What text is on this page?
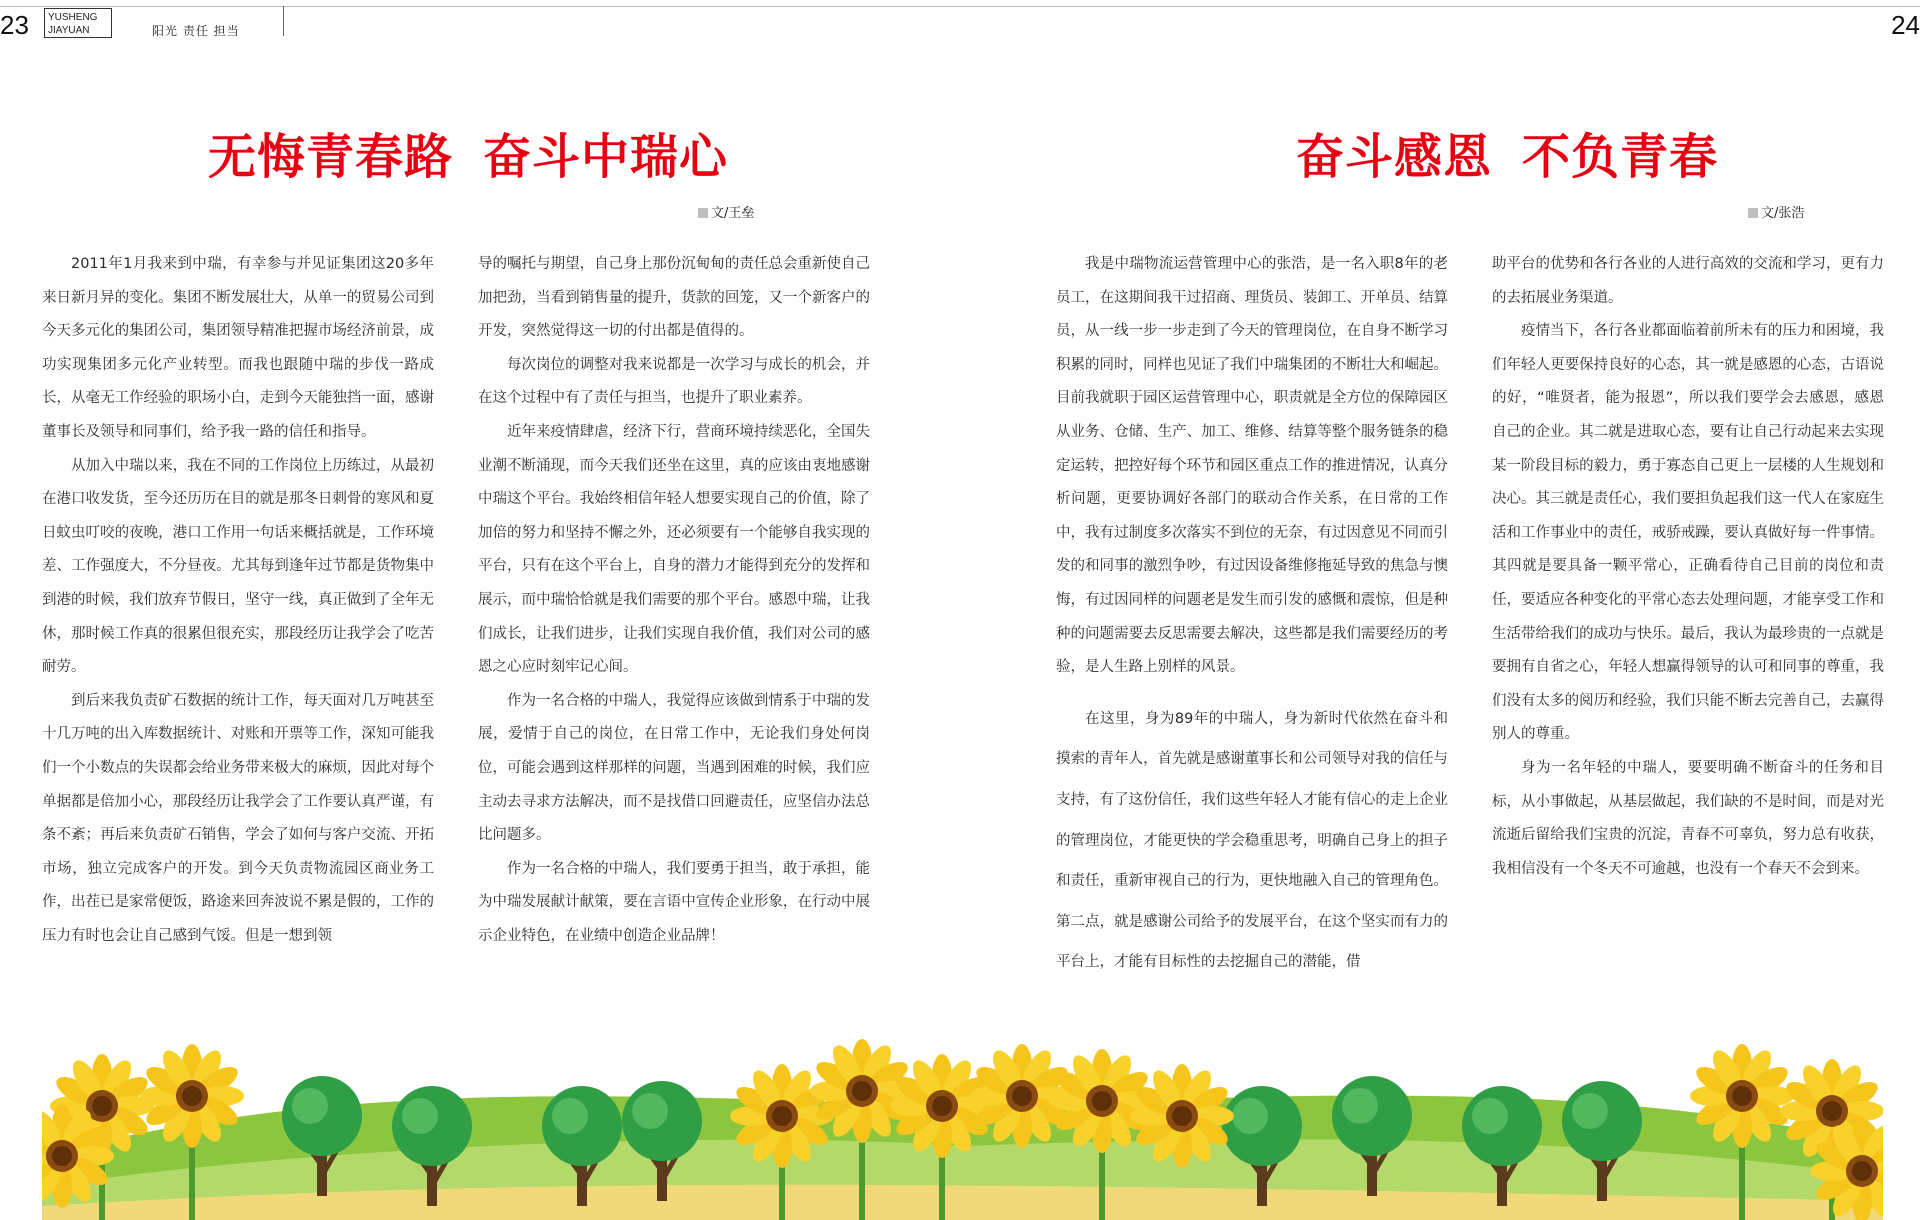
23	24
YUSHENG
JIAYUAN	阳光 责任 担当
无悔青春路 奋斗中瑞心
文/王垒

2011年1月我来到中瑞，有幸参与并见证集团这20多年来日新月异的变化。集团不断发展壮大，从单一的贸易公司到今天多元化的集团公司，集团领导精准把握市场经济前景，成功实现集团多元化产业转型。而我也跟随中瑞的步伐一路成长，从毫无工作经验的职场小白，走到今天能独挡一面，感谢董事长及领导和同事们，给予我一路的信任和指导。

从加入中瑞以来，我在不同的工作岗位上历练过，从最初在港口收发货，至今还历历在目的就是那冬日刺骨的寒风和夏日蚊虫叮咬的夜晚，港口工作用一句话来概括就是，工作环境差、工作强度大，不分昼夜。尤其每到逢年过节都是货物集中到港的时候，我们放弃节假日，坚守一线，真正做到了全年无休，那时候工作真的很累但很充实，那段经历让我学会了吃苦耐劳。

到后来我负责矿石数据的统计工作，每天面对几万吨甚至十几万吨的出入库数据统计、对账和开票等工作，深知可能我们一个小数点的失误都会给业务带来极大的麻烦，因此对每个单据都是倍加小心，那段经历让我学会了工作要认真严谨，有条不紊；再后来负责矿石销售，学会了如何与客户交流、开拓市场，独立完成客户的开发。到今天负责物流园区商业务工作，出茬已是家常便饭，路途来回奔波说不累是假的，工作的压力有时也会让自己感到气馁。但是一想到领

导的嘱托与期望，自己身上那份沉甸甸的责任总会重新使自己加把劲，当看到销售量的提升，货款的回笼，又一个新客户的开发，突然觉得这一切的付出都是值得的。

每次岗位的调整对我来说都是一次学习与成长的机会，并在这个过程中有了责任与担当，也提升了职业素养。

近年来疫情肆虐，经济下行，营商环境持续恶化，全国失业潮不断涌现，而今天我们还坐在这里，真的应该由衷地感谢中瑞这个平台。我始终相信年轻人想要实现自己的价值，除了加倍的努力和坚持不懈之外，还必须要有一个能够自我实现的平台，只有在这个平台上，自身的潜力才能得到充分的发挥和展示，而中瑞恰恰就是我们需要的那个平台。感恩中瑞，让我们成长，让我们进步，让我们实现自我价值，我们对公司的感恩之心应时刻牢记心间。

作为一名合格的中瑞人，我觉得应该做到情系于中瑞的发展，爱情于自己的岗位，在日常工作中，无论我们身处何岗位，可能会遇到这样那样的问题，当遇到困难的时候，我们应主动去寻求方法解决，而不是找借口回避责任，应坚信办法总比问题多。

作为一名合格的中瑞人，我们要勇于担当，敢于承担，能为中瑞发展献计献策，要在言语中宣传企业形象，在行动中展示企业特色，在业绩中创造企业品牌！

奋斗感恩 不负青春
文/张浩

我是中瑞物流运营管理中心的张浩，是一名入职8年的老员工，在这期间我干过招商、理货员、装卸工、开单员、结算员，从一线一步一步走到了今天的管理岗位，在自身不断学习积累的同时，同样也见证了我们中瑞集团的不断壮大和崛起。目前我就职于园区运营管理中心，职责就是全方位的保障园区从业务、仓储、生产、加工、维修、结算等整个服务链条的稳定运转，把控好每个环节和园区重点工作的推进情况，认真分析问题，更要协调好各部门的联动合作关系，在日常的工作中，我有过制度多次落实不到位的无奈，有过因意见不同而引发的和同事的激烈争吵，有过因设备维修拖延导致的焦急与懊悔，有过因同样的问题老是发生而引发的感慨和震惊，但是种种的问题需要去反思需要去解决，这些都是我们需要经历的考验，是人生路上别样的风景。

在这里，身为89年的中瑞人，身为新时代依然在奋斗和摸索的青年人，首先就是感谢董事长和公司领导对我的信任与支持，有了这份信任，我们这些年轻人才能有信心的走上企业的管理岗位，才能更快的学会稳重思考，明确自己身上的担子和责任，重新审视自己的行为，更快地融入自己的管理角色。第二点，就是感谢公司给予的发展平台，在这个坚实而有力的平台上，才能有目标性的去挖掘自己的潜能，借

助平台的优势和各行各业的人进行高效的交流和学习，更有力的去拓展业务渠道。

疫情当下，各行各业都面临着前所未有的压力和困境，我们年轻人更要保持良好的心态，其一就是感恩的心态，古语说的好，“唯贤者，能为报恩”，所以我们要学会去感恩，感恩自己的企业。其二就是进取心态，要有让自己行动起来去实现某一阶段目标的毅力，勇于寡态自己更上一层楼的人生规划和决心。其三就是责任心，我们要担负起我们这一代人在家庭生活和工作事业中的责任，戒骄戒躁，要认真做好每一件事情。其四就是要具备一颗平常心，正确看待自己目前的岗位和责任，要适应各种变化的平常心态去处理问题，才能享受工作和生活带给我们的成功与快乐。最后，我认为最珍贵的一点就是要拥有自省之心，年轻人想赢得领导的认可和同事的尊重，我们没有太多的阅历和经验，我们只能不断去完善自己，去赢得别人的尊重。

身为一名年轻的中瑞人，要要明确不断奋斗的任务和目标，从小事做起，从基层做起，我们缺的不是时间，而是对光流逝后留给我们宝贵的沉淀，青春不可辜负，努力总有收获，我相信没有一个冬天不可逾越，也没有一个春天不会到来。
